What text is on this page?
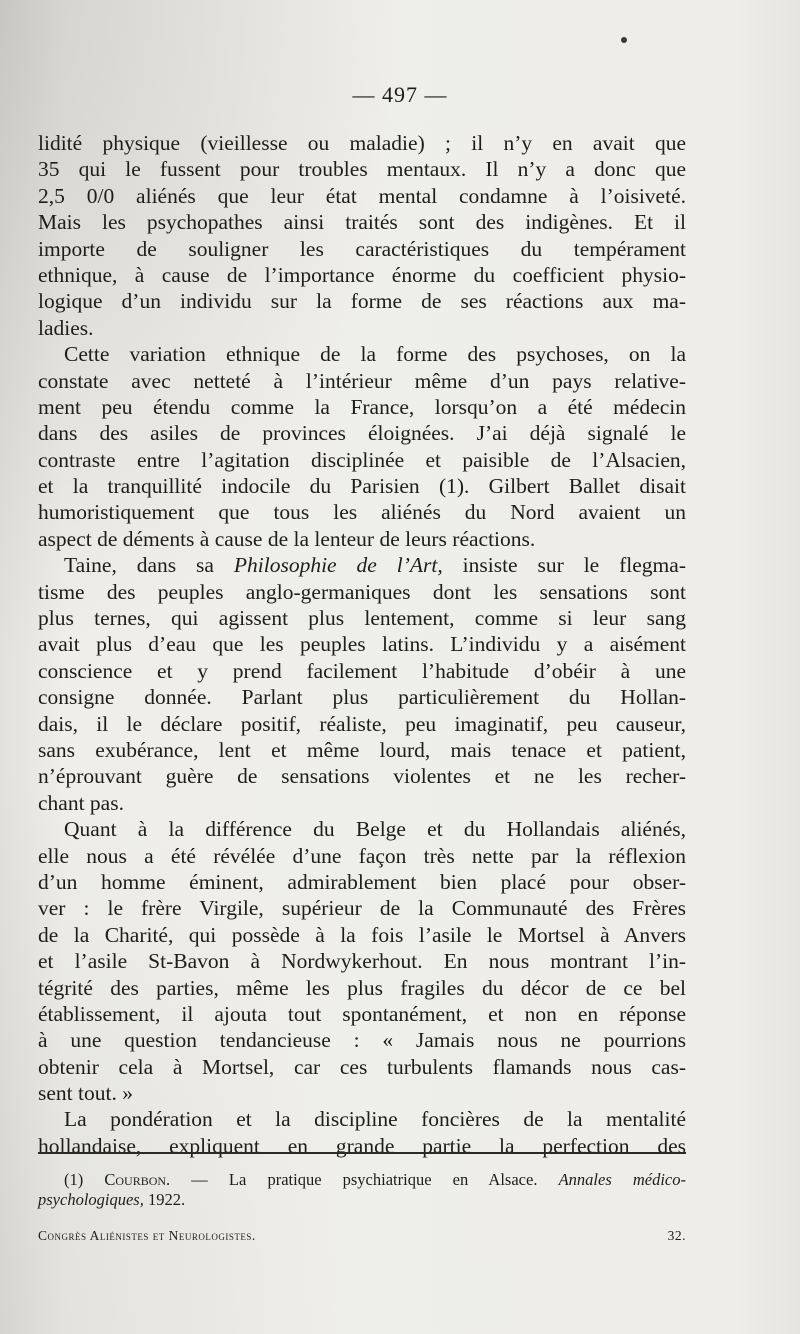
— 497 —
lidité physique (vieillesse ou maladie) ; il n’y en avait que
35 qui le fussent pour troubles mentaux. Il n’y a donc que
2,5 0/0 aliénés que leur état mental condamne à l’oisiveté.
Mais les psychopathes ainsi traités sont des indigènes. Et il
importe de souligner les caractéristiques du tempérament
ethnique, à cause de l’importance énorme du coefficient physio-
logique d’un individu sur la forme de ses réactions aux ma-
ladies.
Cette variation ethnique de la forme des psychoses, on la
constate avec netteté à l’intérieur même d’un pays relative-
ment peu étendu comme la France, lorsqu’on a été médecin
dans des asiles de provinces éloignées. J’ai déjà signalé le
contraste entre l’agitation disciplinée et paisible de l’Alsacien,
et la tranquillité indocile du Parisien (1). Gilbert Ballet disait
humoristiquement que tous les aliénés du Nord avaient un
aspect de déments à cause de la lenteur de leurs réactions.
Taine, dans sa Philosophie de l’Art, insiste sur le flegma-
tisme des peuples anglo-germaniques dont les sensations sont
plus ternes, qui agissent plus lentement, comme si leur sang
avait plus d’eau que les peuples latins. L’individu y a aisément
conscience et y prend facilement l’habitude d’obéir à une
consigne donnée. Parlant plus particulièrement du Hollan-
dais, il le déclare positif, réaliste, peu imaginatif, peu causeur,
sans exubérance, lent et même lourd, mais tenace et patient,
n’éprouvant guère de sensations violentes et ne les recher-
chant pas.
Quant à la différence du Belge et du Hollandais aliénés,
elle nous a été révélée d’une façon très nette par la réflexion
d’un homme éminent, admirablement bien placé pour obser-
ver : le frère Virgile, supérieur de la Communauté des Frères
de la Charité, qui possède à la fois l’asile le Mortsel à Anvers
et l’asile St-Bavon à Nordwykerhout. En nous montrant l’in-
tégrité des parties, même les plus fragiles du décor de ce bel
établissement, il ajouta tout spontanément, et non en réponse
à une question tendancieuse : « Jamais nous ne pourrions
obtenir cela à Mortsel, car ces turbulents flamands nous cas-
sent tout. »
La pondération et la discipline foncières de la mentalité
hollandaise, expliquent en grande partie la perfection des
(1) Courbon. — La pratique psychiatrique en Alsace. Annales médico-
psychologiques, 1922.
Congrès Aliénistes et Neurologistes.	32.
